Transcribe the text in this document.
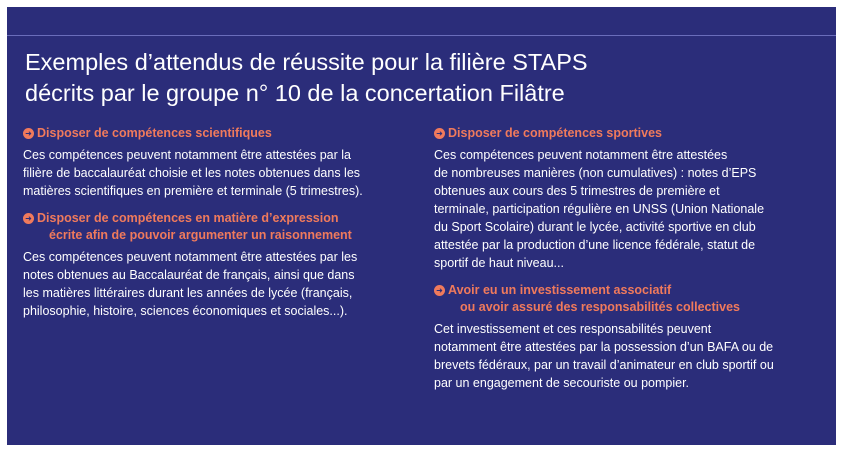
Exemples d’attendus de réussite pour la filière STAPS
décrits par le groupe n° 10 de la concertation Filâtre
➜ Disposer de compétences scientifiques
Ces compétences peuvent notamment être attestées par la
filière de baccalauréat choisie et les notes obtenues dans les
matières scientifiques en première et terminale (5 trimestres).
➜ Disposer de compétences en matière d’expression
écrite afin de pouvoir argumenter un raisonnement
Ces compétences peuvent notamment être attestées par les
notes obtenues au Baccalauréat de français, ainsi que dans
les matières littéraires durant les années de lycée (français,
philosophie, histoire, sciences économiques et sociales...).
➜ Disposer de compétences sportives
Ces compétences peuvent notamment être attestées
de nombreuses manières (non cumulatives) : notes d’EPS
obtenues aux cours des 5 trimestres de première et
terminale, participation régulière en UNSS (Union Nationale
du Sport Scolaire) durant le lycée, activité sportive en club
attestée par la production d’une licence fédérale, statut de
sportif de haut niveau...
➜ Avoir eu un investissement associatif
ou avoir assuré des responsabilités collectives
Cet investissement et ces responsabilités peuvent
notamment être attestées par la possession d’un BAFA ou de
brevets fédéraux, par un travail d’animateur en club sportif ou
par un engagement de secouriste ou pompier.
